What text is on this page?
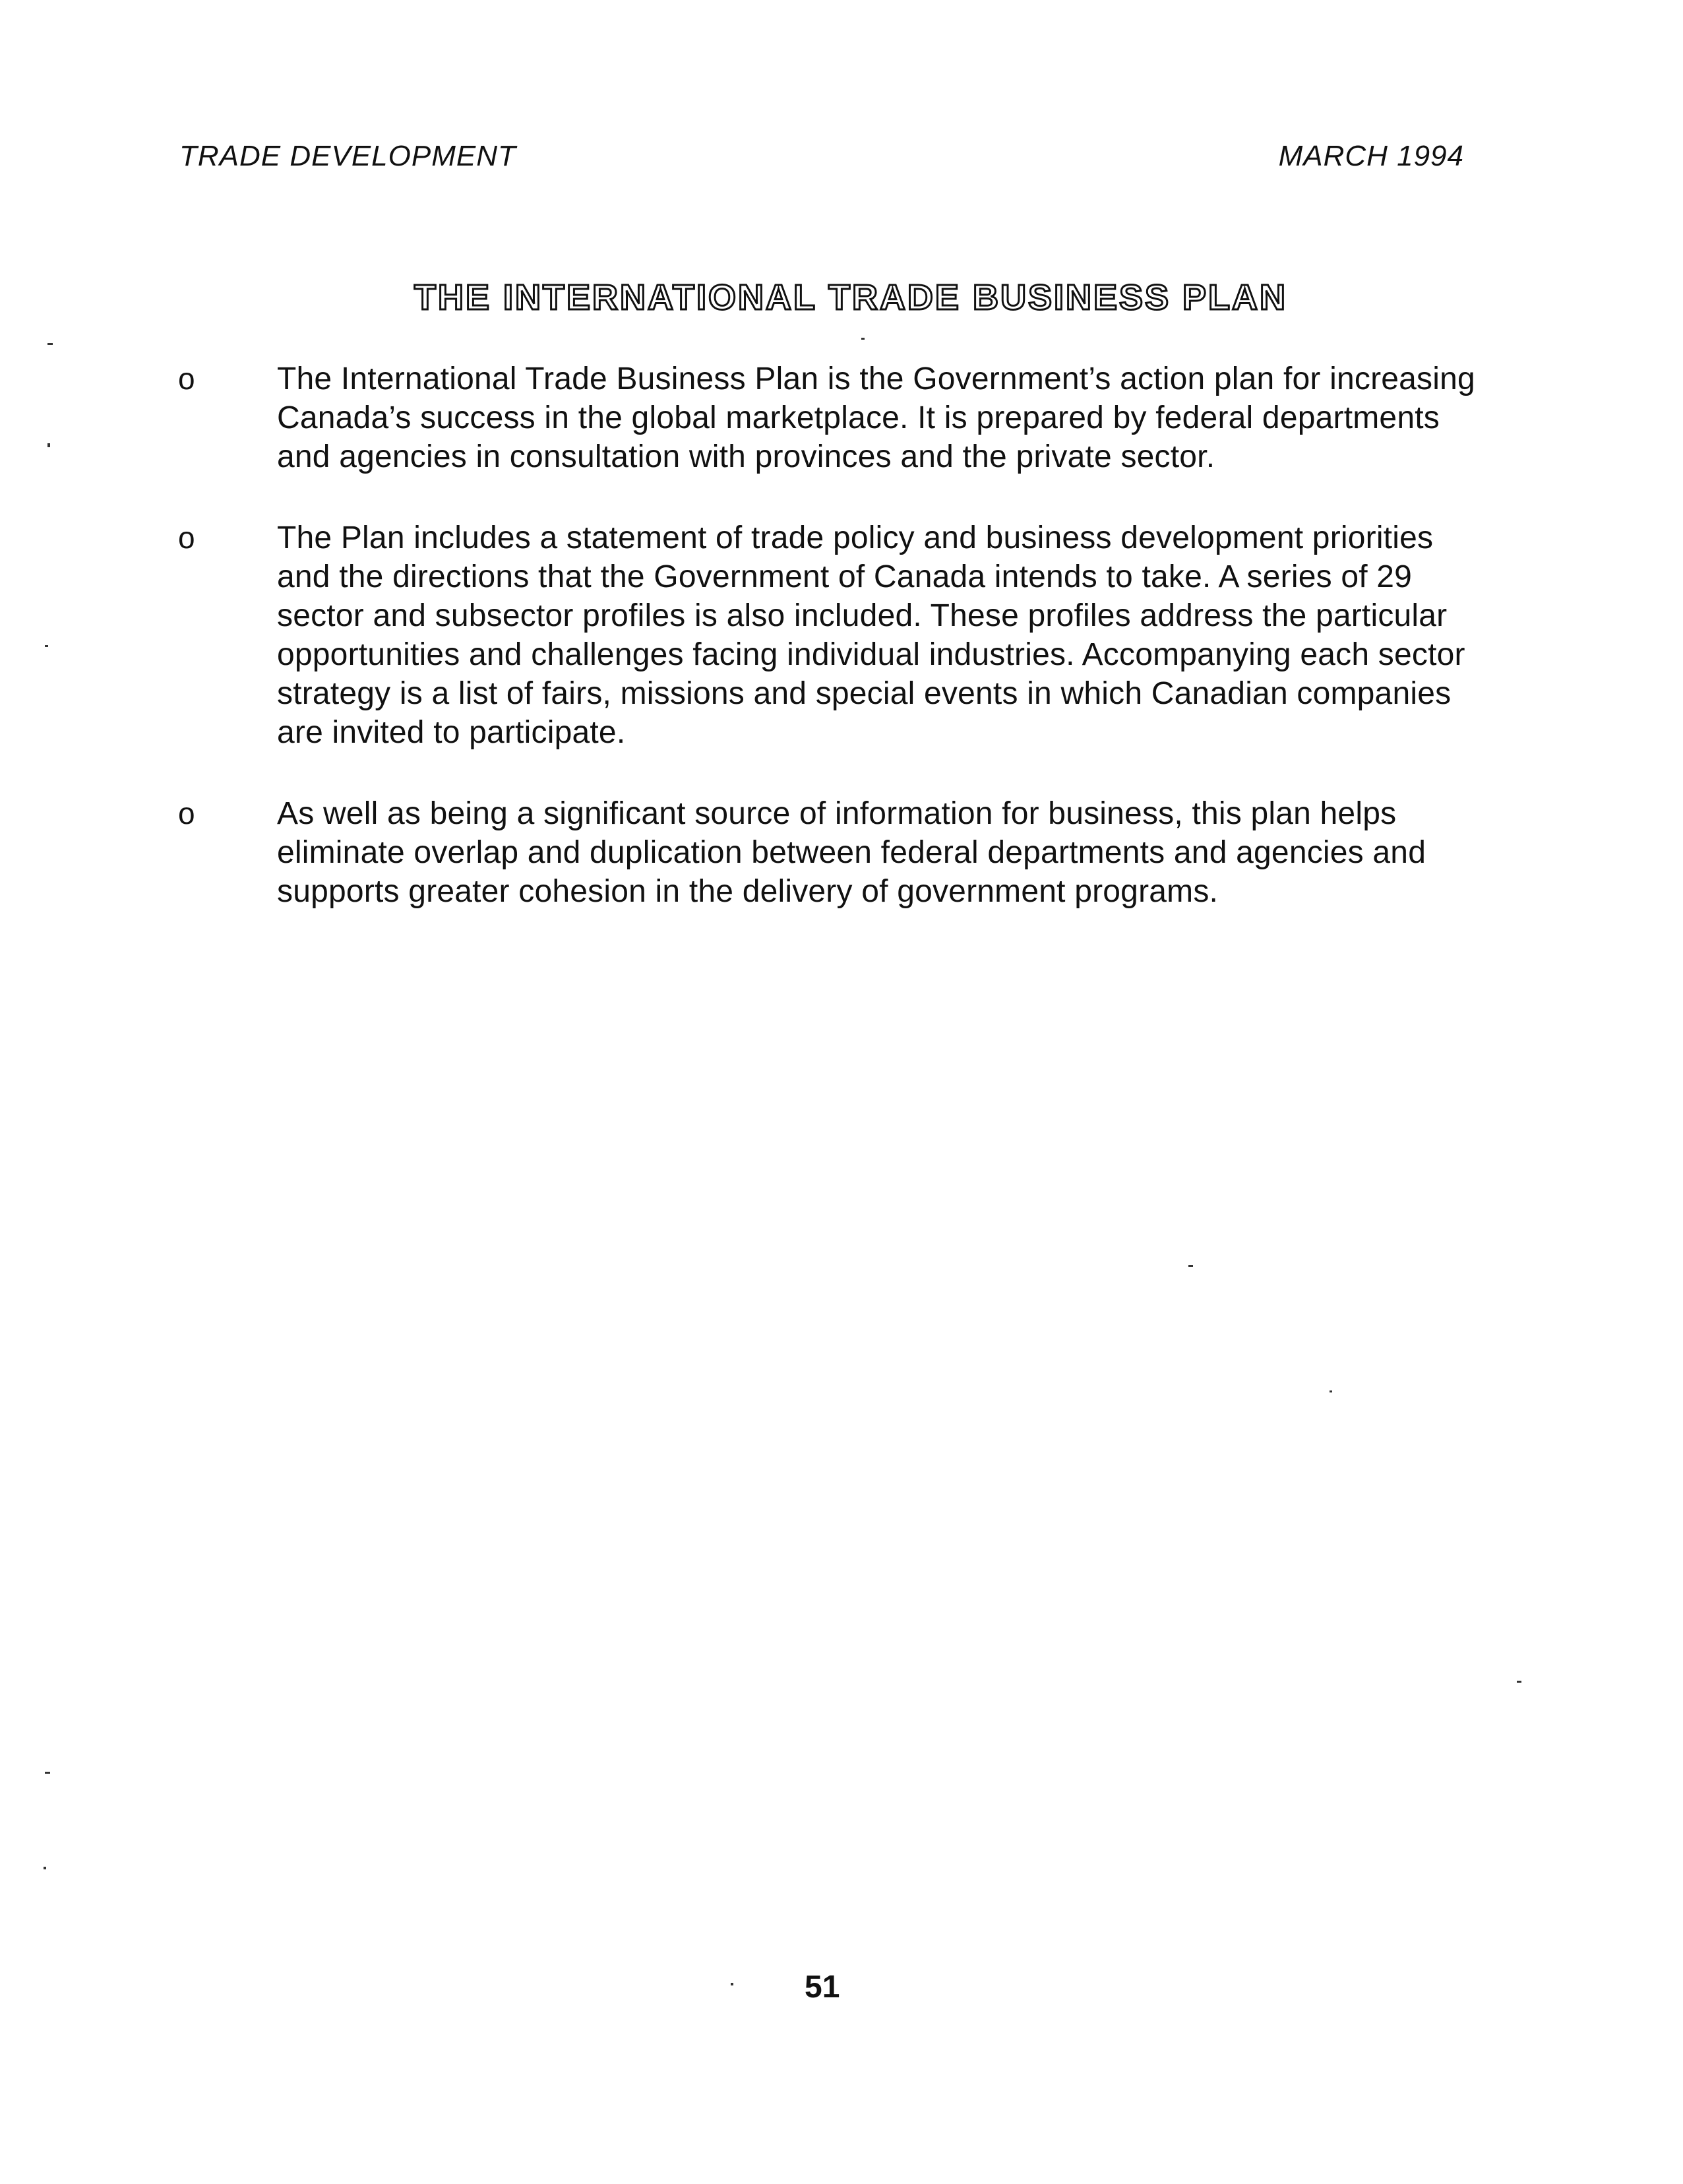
TRADE DEVELOPMENT	MARCH 1994
THE INTERNATIONAL TRADE BUSINESS PLAN
o	The International Trade Business Plan is the Government’s action plan for increasing Canada’s success in the global marketplace. It is prepared by federal departments and agencies in consultation with provinces and the private sector.
o	The Plan includes a statement of trade policy and business development priorities and the directions that the Government of Canada intends to take. A series of 29 sector and subsector profiles is also included. These profiles address the particular opportunities and challenges facing individual industries. Accompanying each sector strategy is a list of fairs, missions and special events in which Canadian companies are invited to participate.
o	As well as being a significant source of information for business, this plan helps eliminate overlap and duplication between federal departments and agencies and supports greater cohesion in the delivery of government programs.
51
